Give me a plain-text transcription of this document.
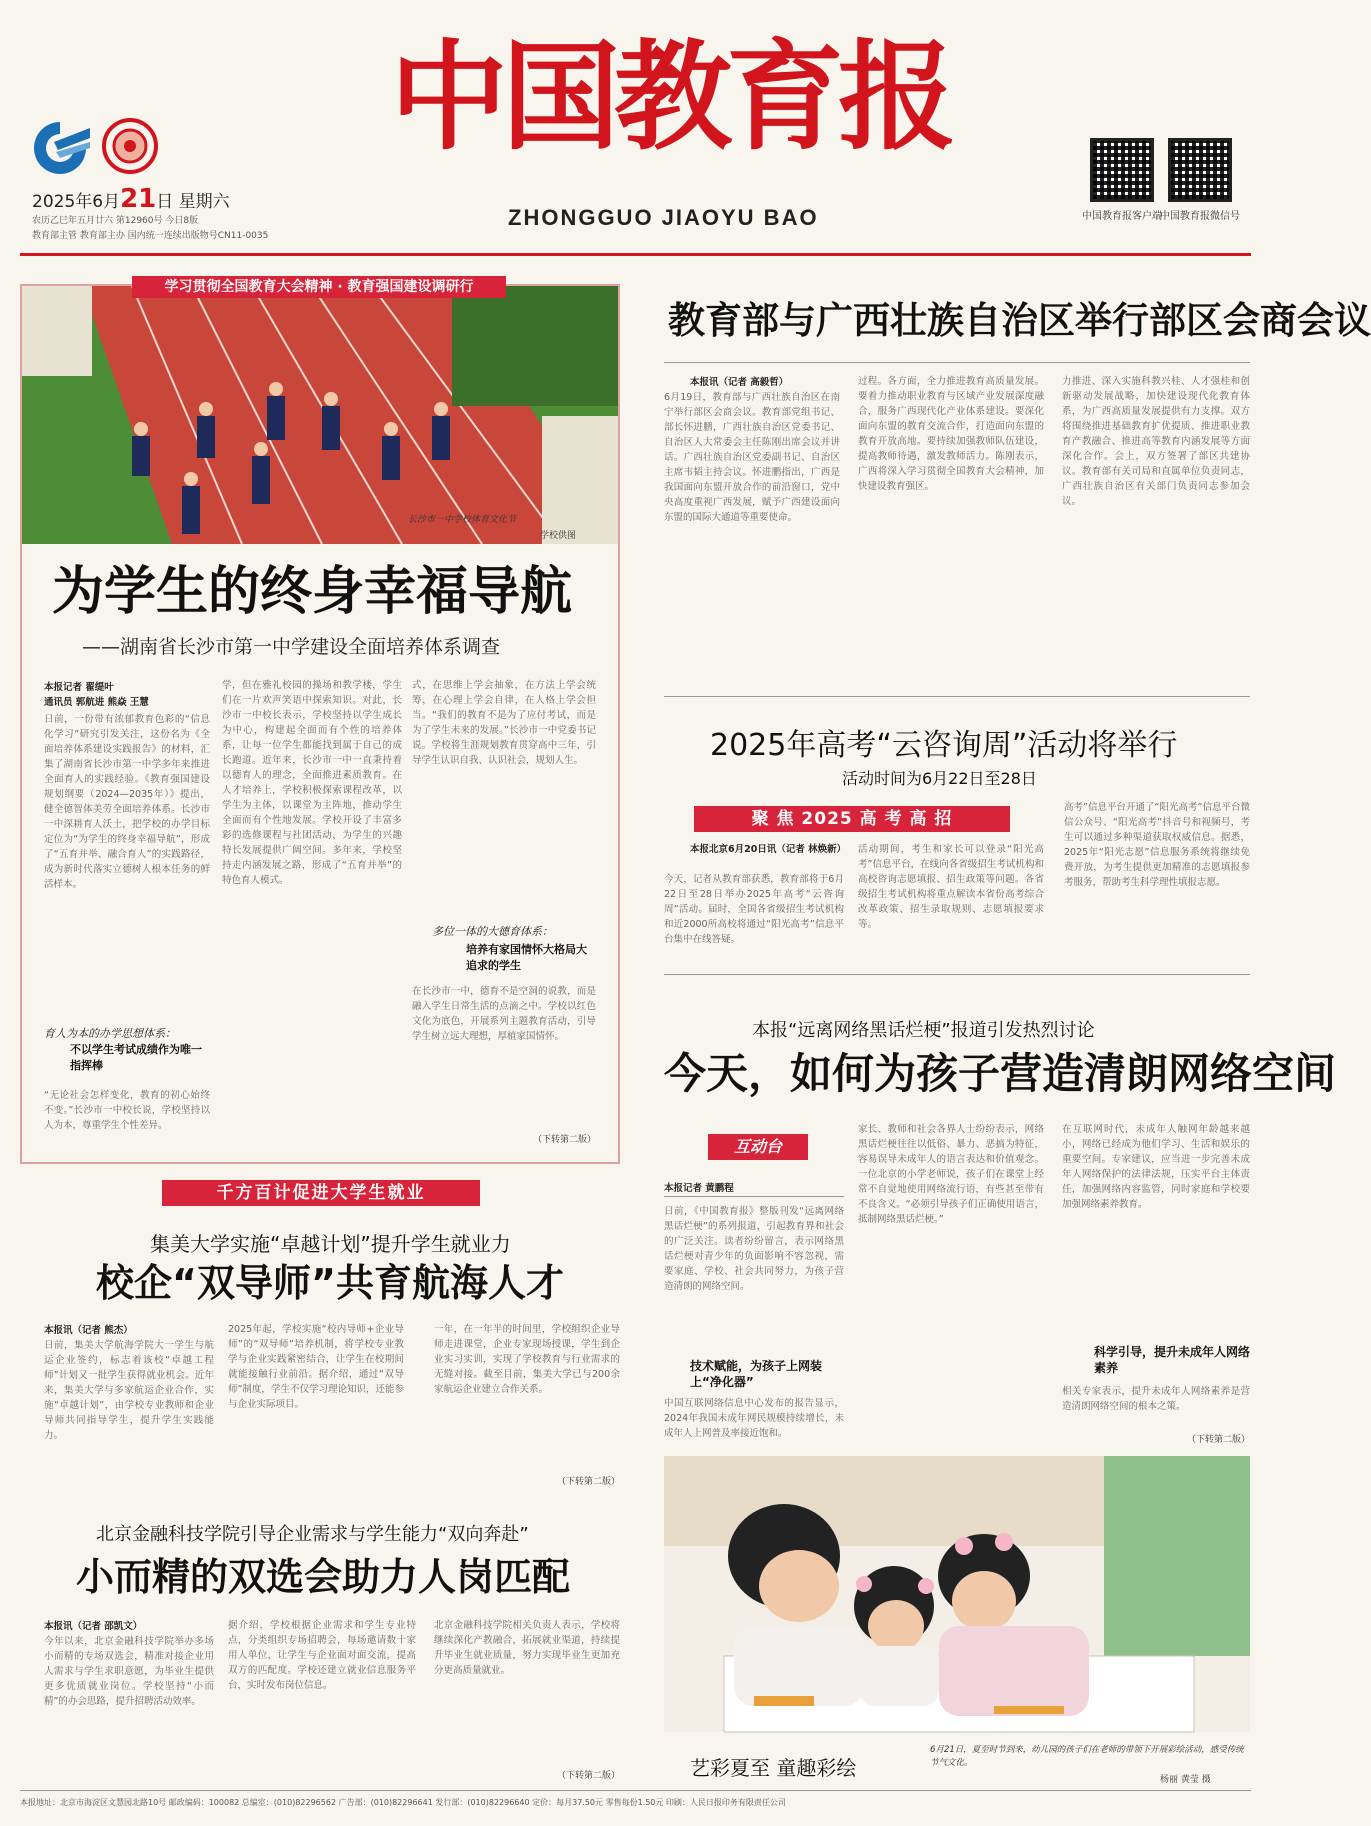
中国教育报
ZHONGGUO JIAOYU BAO
2025年6月21日 星期六
农历乙巳年五月廿六 第12960号 今日8版
教育部主管 教育部主办 国内统一连续出版物号CN11-0035
中国教育报客户端
中国教育报微信号
学习贯彻全国教育大会精神 · 教育强国建设调研行
长沙市一中学校体育文化节
学校供图
为学生的终身幸福导航
——湖南省长沙市第一中学建设全面培养体系调查
本报记者 翟缇叶
通讯员 郭航进 熊焱 王慧
日前，一份带有浓郁教育色彩的“信息化学习”研究引发关注，这份名为《全面培养体系建设实践报告》的材料，汇集了湖南省长沙市第一中学多年来推进全面育人的实践经验。《教育强国建设规划纲要（2024—2035年）》提出，健全德智体美劳全面培养体系。长沙市一中深耕育人沃土，把学校的办学目标定位为“为学生的终身幸福导航”，形成了“五育并举、融合育人”的实践路径，成为新时代落实立德树人根本任务的鲜活样本。
育人为本的办学思想体系：
不以学生考试成绩作为唯一指挥棒
“无论社会怎样变化，教育的初心始终不变。”长沙市一中校长说，学校坚持以人为本，尊重学生个性差异。
学，但在雅礼校园的操场和教学楼，学生们在一片欢声笑语中探索知识。对此，长沙市一中校长表示，学校坚持以学生成长为中心，构建起全面而有个性的培养体系，让每一位学生都能找到属于自己的成长跑道。近年来，长沙市一中一直秉持着以德育人的理念，全面推进素质教育。在人才培养上，学校积极探索课程改革，以学生为主体，以课堂为主阵地，推动学生全面而有个性地发展。学校开设了丰富多彩的选修课程与社团活动，为学生的兴趣特长发展提供广阔空间。多年来，学校坚持走内涵发展之路，形成了“五育并举”的特色育人模式。
式，在思维上学会抽象，在方法上学会统筹，在心理上学会自律，在人格上学会担当。“我们的教育不是为了应付考试，而是为了学生未来的发展。”长沙市一中党委书记说。学校将生涯规划教育贯穿高中三年，引导学生认识自我、认识社会，规划人生。
多位一体的大德育体系：
培养有家国情怀大格局大追求的学生
在长沙市一中，德育不是空洞的说教，而是融入学生日常生活的点滴之中。学校以红色文化为底色，开展系列主题教育活动，引导学生树立远大理想，厚植家国情怀。
（下转第二版）
教育部与广西壮族自治区举行部区会商会议
本报讯（记者 高毅哲）
6月19日，教育部与广西壮族自治区在南宁举行部区会商会议。教育部党组书记、部长怀进鹏，广西壮族自治区党委书记、自治区人大常委会主任陈刚出席会议并讲话。广西壮族自治区党委副书记、自治区主席韦韬主持会议。怀进鹏指出，广西是我国面向东盟开放合作的前沿窗口，党中央高度重视广西发展，赋予广西建设面向东盟的国际大通道等重要使命。
过程。各方面，全力推进教育高质量发展。要着力推动职业教育与区域产业发展深度融合，服务广西现代化产业体系建设。要深化面向东盟的教育交流合作，打造面向东盟的教育开放高地。要持续加强教师队伍建设，提高教师待遇，激发教师活力。陈刚表示，广西将深入学习贯彻全国教育大会精神，加快建设教育强区。
力推进、深入实施科教兴桂、人才强桂和创新驱动发展战略，加快建设现代化教育体系，为广西高质量发展提供有力支撑。双方将围绕推进基础教育扩优提质、推进职业教育产教融合、推进高等教育内涵发展等方面深化合作。会上，双方签署了部区共建协议。教育部有关司局和直属单位负责同志，广西壮族自治区有关部门负责同志参加会议。
2025年高考“云咨询周”活动将举行
活动时间为6月22日至28日
聚 焦 2025 高 考 高 招
本报北京6月20日讯（记者 林焕新）
今天，记者从教育部获悉，教育部将于6月22日至28日举办2025年高考“云咨询周”活动。届时，全国各省级招生考试机构和近2000所高校将通过“阳光高考”信息平台集中在线答疑。
活动期间，考生和家长可以登录“阳光高考”信息平台，在线向各省级招生考试机构和高校咨询志愿填报、招生政策等问题。各省级招生考试机构将重点解读本省份高考综合改革政策、招生录取规则、志愿填报要求等。
高考”信息平台开通了“阳光高考”信息平台微信公众号、“阳光高考”抖音号和视频号，考生可以通过多种渠道获取权威信息。据悉，2025年“阳光志愿”信息服务系统将继续免费开放，为考生提供更加精准的志愿填报参考服务，帮助考生科学理性填报志愿。
本报“远离网络黑话烂梗”报道引发热烈讨论
今天，如何为孩子营造清朗网络空间
互动台
本报记者 黄鹏程
日前，《中国教育报》整版刊发“远离网络黑话烂梗”的系列报道，引起教育界和社会的广泛关注。读者纷纷留言，表示网络黑话烂梗对青少年的负面影响不容忽视，需要家庭、学校、社会共同努力，为孩子营造清朗的网络空间。
技术赋能，为孩子上网装上“净化器”
中国互联网络信息中心发布的报告显示，2024年我国未成年网民规模持续增长，未成年人上网普及率接近饱和。
家长、教师和社会各界人士纷纷表示，网络黑话烂梗往往以低俗、暴力、恶搞为特征，容易误导未成年人的语言表达和价值观念。一位北京的小学老师说，孩子们在课堂上经常不自觉地使用网络流行语，有些甚至带有不良含义。“必须引导孩子们正确使用语言，抵制网络黑话烂梗。”
在互联网时代，未成年人触网年龄越来越小，网络已经成为他们学习、生活和娱乐的重要空间。专家建议，应当进一步完善未成年人网络保护的法律法规，压实平台主体责任，加强网络内容监管，同时家庭和学校要加强网络素养教育。
科学引导，提升未成年人网络素养
相关专家表示，提升未成年人网络素养是营造清朗网络空间的根本之策。
（下转第二版）
艺彩夏至 童趣彩绘
6月21日，夏至时节到来，幼儿园的孩子们在老师的带领下开展彩绘活动，感受传统节气文化。
杨丽 黄莹 摄
千方百计促进大学生就业
集美大学实施“卓越计划”提升学生就业力
校企“双导师”共育航海人才
本报讯（记者 熊杰）
日前，集美大学航海学院大一学生与航运企业签约，标志着该校“卓越工程师”计划又一批学生获得就业机会。近年来，集美大学与多家航运企业合作，实施“卓越计划”，由学校专业教师和企业导师共同指导学生，提升学生实践能力。
2025年起，学校实施“校内导师+企业导师”的“双导师”培养机制，将学校专业教学与企业实践紧密结合，让学生在校期间就能接触行业前沿。据介绍，通过“双导师”制度，学生不仅学习理论知识，还能参与企业实际项目。
一年，在一年半的时间里，学校组织企业导师走进课堂，企业专家现场授课，学生到企业实习实训，实现了学校教育与行业需求的无缝对接。截至目前，集美大学已与200余家航运企业建立合作关系。
（下转第二版）
北京金融科技学院引导企业需求与学生能力“双向奔赴”
小而精的双选会助力人岗匹配
本报讯（记者 邵凯文）
今年以来，北京金融科技学院举办多场小而精的专场双选会，精准对接企业用人需求与学生求职意愿，为毕业生提供更多优质就业岗位。学校坚持“小而精”的办会思路，提升招聘活动效率。
据介绍，学校根据企业需求和学生专业特点，分类组织专场招聘会，每场邀请数十家用人单位，让学生与企业面对面交流，提高双方的匹配度。学校还建立就业信息服务平台，实时发布岗位信息。
北京金融科技学院相关负责人表示，学校将继续深化产教融合，拓展就业渠道，持续提升毕业生就业质量，努力实现毕业生更加充分更高质量就业。
（下转第二版）
本报地址：北京市海淀区文慧园北路10号 邮政编码：100082 总编室：(010)82296562 广告部：(010)82296641 发行部：(010)82296640 定价：每月37.50元 零售每份1.50元 印刷：人民日报印务有限责任公司
